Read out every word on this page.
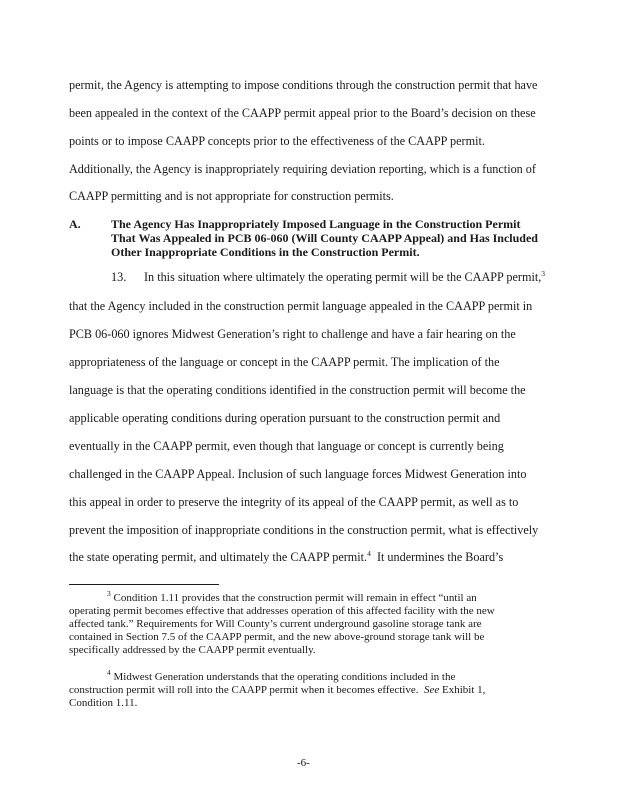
permit, the Agency is attempting to impose conditions through the construction permit that have
been appealed in the context of the CAAPP permit appeal prior to the Board’s decision on these
points or to impose CAAPP concepts prior to the effectiveness of the CAAPP permit.
Additionally, the Agency is inappropriately requiring deviation reporting, which is a function of
CAAPP permitting and is not appropriate for construction permits.
A.	The Agency Has Inappropriately Imposed Language in the Construction Permit
That Was Appealed in PCB 06-060 (Will County CAAPP Appeal) and Has Included
Other Inappropriate Conditions in the Construction Permit.
13. In this situation where ultimately the operating permit will be the CAAPP permit,$^3$
that the Agency included in the construction permit language appealed in the CAAPP permit in
PCB 06-060 ignores Midwest Generation’s right to challenge and have a fair hearing on the
appropriateness of the language or concept in the CAAPP permit. The implication of the
language is that the operating conditions identified in the construction permit will become the
applicable operating conditions during operation pursuant to the construction permit and
eventually in the CAAPP permit, even though that language or concept is currently being
challenged in the CAAPP Appeal. Inclusion of such language forces Midwest Generation into
this appeal in order to preserve the integrity of its appeal of the CAAPP permit, as well as to
prevent the imposition of inappropriate conditions in the construction permit, what is effectively
the state operating permit, and ultimately the CAAPP permit.$^4$  It undermines the Board’s
$^3$ Condition 1.11 provides that the construction permit will remain in effect “until an
operating permit becomes effective that addresses operation of this affected facility with the new
affected tank.” Requirements for Will County’s current underground gasoline storage tank are
contained in Section 7.5 of the CAAPP permit, and the new above-ground storage tank will be
specifically addressed by the CAAPP permit eventually.
$^4$ Midwest Generation understands that the operating conditions included in the
construction permit will roll into the CAAPP permit when it becomes effective.  See Exhibit 1,
Condition 1.11.
-6-
